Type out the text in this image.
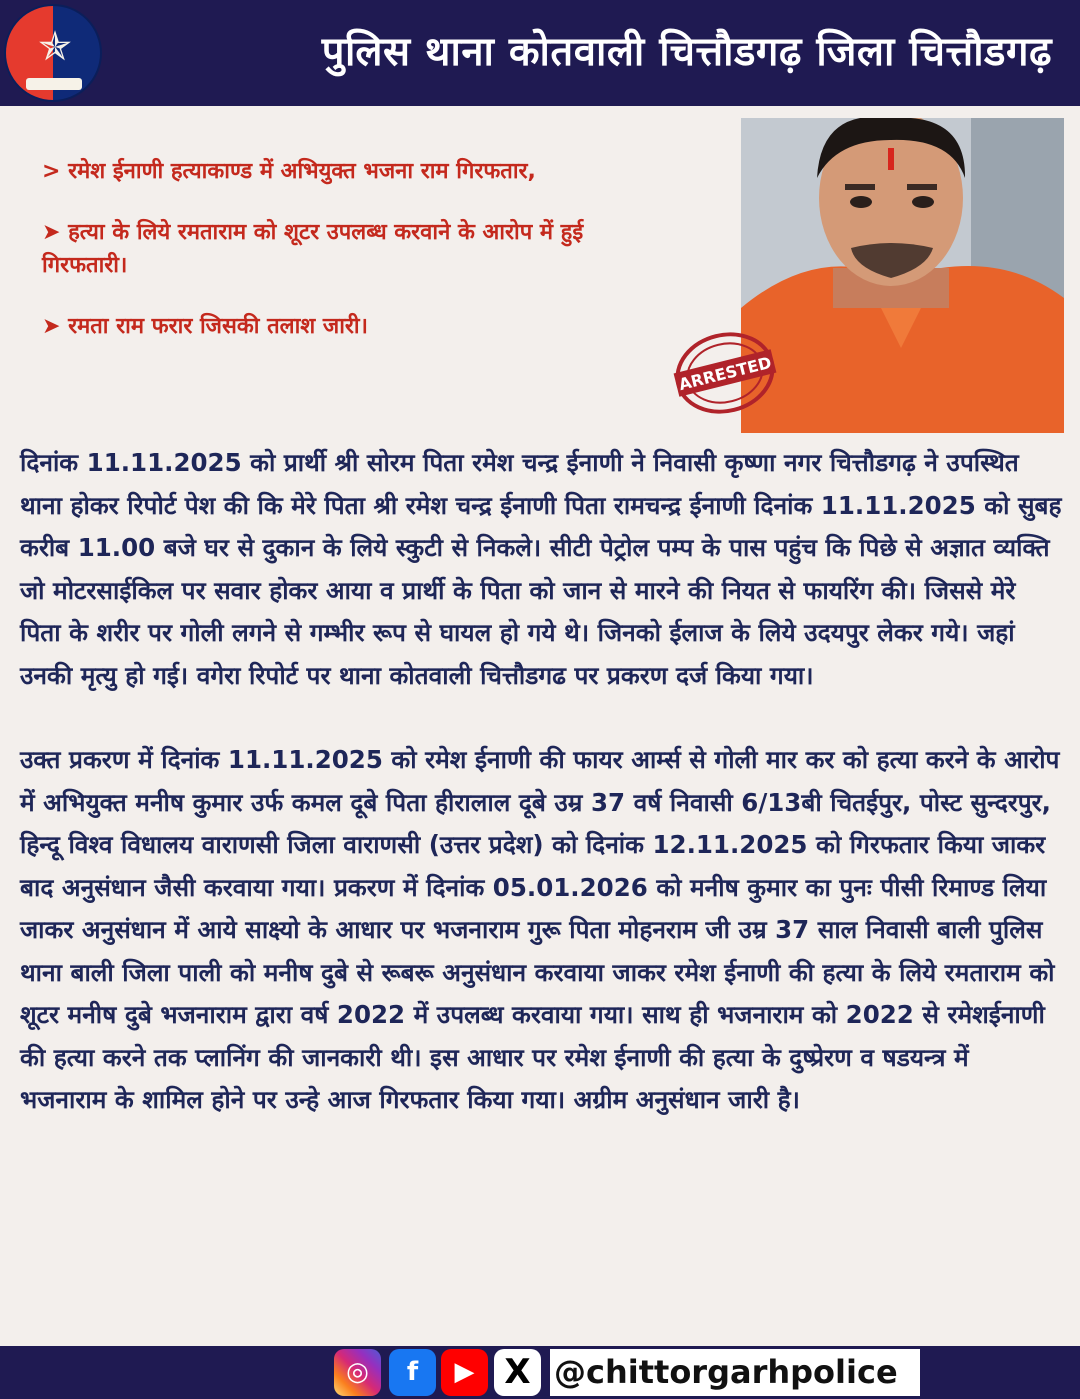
✯	पुलिस थाना कोतवाली चित्तौडगढ़ जिला चित्तौडगढ़

> रमेश ईनाणी हत्याकाण्ड में अभियुक्त भजना राम गिरफतार,

➤ हत्या के लिये रमताराम को शूटर उपलब्ध करवाने के आरोप में हुई गिरफतारी।

➤ रमता राम फरार जिसकी तलाश जारी।

ARRESTED

दिनांक 11.11.2025 को प्रार्थी श्री सोरम पिता रमेश चन्द्र ईनाणी ने निवासी कृष्णा नगर चित्तौडगढ़ ने उपस्थित थाना होकर रिपोर्ट पेश की कि मेरे पिता श्री रमेश चन्द्र ईनाणी पिता रामचन्द्र ईनाणी दिनांक 11.11.2025 को सुबह करीब 11.00 बजे घर से दुकान के लिये स्कुटी से निकले। सीटी पेट्रोल पम्प के पास पहुंच कि पिछे से अज्ञात व्यक्ति जो मोटरसाईकिल पर सवार होकर आया व प्रार्थी के पिता को जान से मारने की नियत से फायरिंग की। जिससे मेरे पिता के शरीर पर गोली लगने से गम्भीर रूप से घायल हो गये थे। जिनको ईलाज के लिये उदयपुर लेकर गये। जहां उनकी मृत्यु हो गई। वगेरा रिपोर्ट पर थाना कोतवाली चित्तौडगढ पर प्रकरण दर्ज किया गया।

उक्त प्रकरण में दिनांक 11.11.2025 को रमेश ईनाणी की फायर आर्म्स से गोली मार कर को हत्या करने के आरोप में अभियुक्त मनीष कुमार उर्फ कमल दूबे पिता हीरालाल दूबे उम्र 37 वर्ष निवासी 6/13बी चितईपुर, पोस्ट सुन्दरपुर, हिन्दू विश्व विधालय वाराणसी जिला वाराणसी (उत्तर प्रदेश) को दिनांक 12.11.2025 को गिरफतार किया जाकर बाद अनुसंधान जैसी करवाया गया। प्रकरण में दिनांक 05.01.2026 को मनीष कुमार का पुनः पीसी रिमाण्ड लिया जाकर अनुसंधान में आये साक्ष्यो के आधार पर भजनाराम गुरू पिता मोहनराम जी उम्र 37 साल निवासी बाली पुलिस थाना बाली जिला पाली को मनीष दुबे से रूबरू अनुसंधान करवाया जाकर रमेश ईनाणी की हत्या के लिये रमताराम को शूटर मनीष दुबे भजनाराम द्वारा वर्ष 2022 में उपलब्ध करवाया गया। साथ ही भजनाराम को 2022 से रमेशईनाणी की हत्या करने तक प्लानिंग की जानकारी थी। इस आधार पर रमेश ईनाणी की हत्या के दुष्प्रेरण व षडयन्त्र में भजनाराम के शामिल होने पर उन्हे आज गिरफतार किया गया। अग्रीम अनुसंधान जारी है।

◎	f	▶ X @chittorgarhpolice
